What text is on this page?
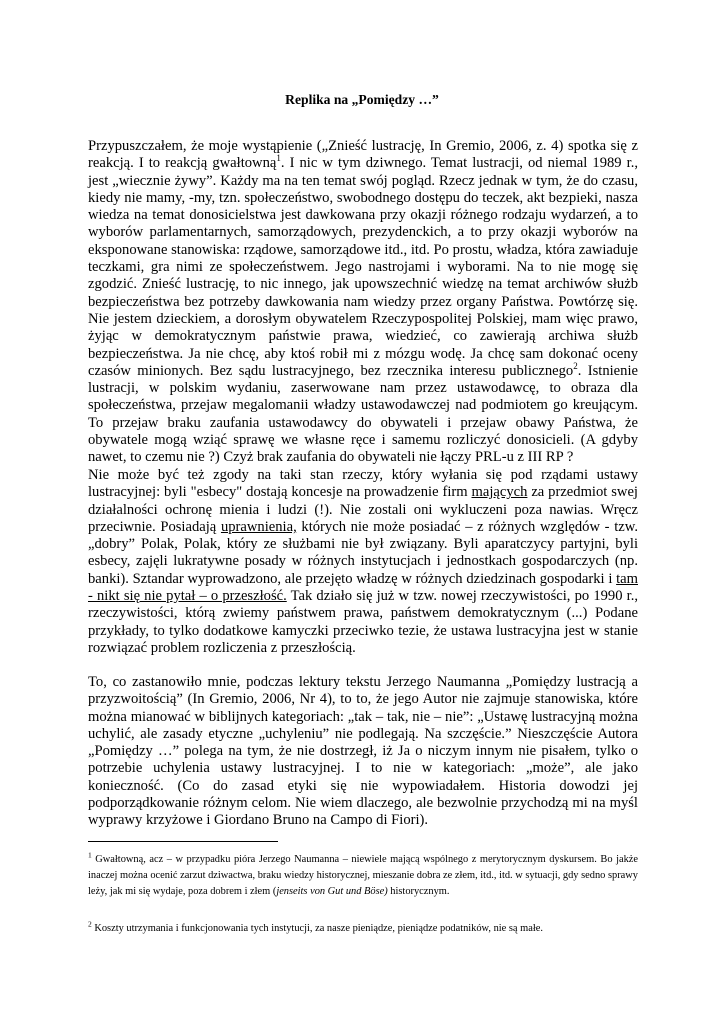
Replika na „Pomiędzy …”

Przypuszczałem, że moje wystąpienie („Znieść lustrację, In Gremio, 2006, z. 4) spotka się z reakcją. I to reakcją gwałtowną$^1$. I nic w tym dziwnego. Temat lustracji, od niemal 1989 r., jest „wiecznie żywy”. Każdy ma na ten temat swój pogląd. Rzecz jednak w tym, że do czasu, kiedy nie mamy, -my, tzn. społeczeństwo, swobodnego dostępu do teczek, akt bezpieki, nasza wiedza na temat donosicielstwa jest dawkowana przy okazji różnego rodzaju wydarzeń, a to wyborów parlamentarnych, samorządowych, prezydenckich, a to przy okazji wyborów na eksponowane stanowiska: rządowe, samorządowe itd., itd. Po prostu, władza, która zawiaduje teczkami, gra nimi ze społeczeństwem. Jego nastrojami i wyborami. Na to nie mogę się zgodzić. Znieść lustrację, to nic innego, jak upowszechnić wiedzę na temat archiwów służb bezpieczeństwa bez potrzeby dawkowania nam wiedzy przez organy Państwa. Powtórzę się. Nie jestem dzieckiem, a dorosłym obywatelem Rzeczypospolitej Polskiej, mam więc prawo, żyjąc w demokratycznym państwie prawa, wiedzieć, co zawierają archiwa służb bezpieczeństwa. Ja nie chcę, aby ktoś robił mi z mózgu wodę. Ja chcę sam dokonać oceny czasów minionych. Bez sądu lustracyjnego, bez rzecznika interesu publicznego$^2$. Istnienie lustracji, w polskim wydaniu, zaserwowane nam przez ustawodawcę, to obraza dla społeczeństwa, przejaw megalomanii władzy ustawodawczej nad podmiotem go kreującym. To przejaw braku zaufania ustawodawcy do obywateli i przejaw obawy Państwa, że obywatele mogą wziąć sprawę we własne ręce i samemu rozliczyć donosicieli. (A gdyby nawet, to czemu nie ?) Czyż brak zaufania do obywateli nie łączy PRL-u z III RP ?

Nie może być też zgody na taki stan rzeczy, który wyłania się pod rządami ustawy lustracyjnej: byli "esbecy" dostają koncesje na prowadzenie firm mających za przedmiot swej działalności ochronę mienia i ludzi (!). Nie zostali oni wykluczeni poza nawias. Wręcz przeciwnie. Posiadają uprawnienia, których nie może posiadać – z różnych względów - tzw. „dobry” Polak, Polak, który ze służbami nie był związany. Byli aparatczycy partyjni, byli esbecy, zajęli lukratywne posady w różnych instytucjach i jednostkach gospodarczych (np. banki). Sztandar wyprowadzono, ale przejęto władzę w różnych dziedzinach gospodarki i tam - nikt się nie pytał – o przeszłość. Tak działo się już w tzw. nowej rzeczywistości, po 1990 r., rzeczywistości, którą zwiemy państwem prawa, państwem demokratycznym (...) Podane przykłady, to tylko dodatkowe kamyczki przeciwko tezie, że ustawa lustracyjna jest w stanie rozwiązać problem rozliczenia z przeszłością.

To, co zastanowiło mnie, podczas lektury tekstu Jerzego Naumanna „Pomiędzy lustracją a przyzwoitością” (In Gremio, 2006, Nr 4), to to, że jego Autor nie zajmuje stanowiska, które można mianować w biblijnych kategoriach: „tak – tak, nie – nie”: „Ustawę lustracyjną można uchylić, ale zasady etyczne „uchyleniu” nie podlegają. Na szczęście.” Nieszczęście Autora „Pomiędzy …” polega na tym, że nie dostrzegł, iż Ja o niczym innym nie pisałem, tylko o potrzebie uchylenia ustawy lustracyjnej. I to nie w kategoriach: „może”, ale jako konieczność. (Co do zasad etyki się nie wypowiadałem. Historia dowodzi jej podporządkowanie różnym celom. Nie wiem dlaczego, ale bezwolnie przychodzą mi na myśl wyprawy krzyżowe i Giordano Bruno na Campo di Fiori).

$^1$ Gwałtowną, acz – w przypadku pióra Jerzego Naumanna – niewiele mającą wspólnego z merytorycznym dyskursem. Bo jakże inaczej można ocenić zarzut dziwactwa, braku wiedzy historycznej, mieszanie dobra ze złem, itd., itd. w sytuacji, gdy sedno sprawy leży, jak mi się wydaje, poza dobrem i złem (jenseits von Gut und Böse) historycznym.

$^2$ Koszty utrzymania i funkcjonowania tych instytucji, za nasze pieniądze, pieniądze podatników, nie są małe.
